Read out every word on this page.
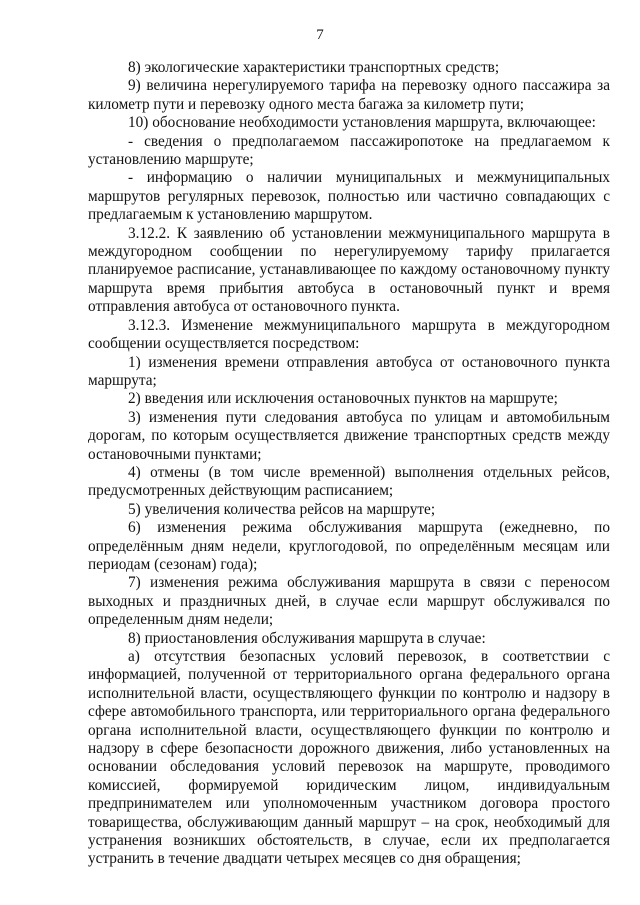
7

8) экологические характеристики транспортных средств;

9) величина нерегулируемого тарифа на перевозку одного пассажира за километр пути и перевозку одного места багажа за километр пути;

10) обоснование необходимости установления маршрута, включающее:

- сведения о предполагаемом пассажиропотоке на предлагаемом к установлению маршруте;

- информацию о наличии муниципальных и межмуниципальных маршрутов регулярных перевозок, полностью или частично совпадающих с предлагаемым к установлению маршрутом.

3.12.2. К заявлению об установлении межмуниципального маршрута в междугородном сообщении по нерегулируемому тарифу прилагается планируемое расписание, устанавливающее по каждому остановочному пункту маршрута время прибытия автобуса в остановочный пункт и время отправления автобуса от остановочного пункта.

3.12.3. Изменение межмуниципального маршрута в междугородном сообщении осуществляется посредством:

1) изменения времени отправления автобуса от остановочного пункта маршрута;

2) введения или исключения остановочных пунктов на маршруте;

3) изменения пути следования автобуса по улицам и автомобильным дорогам, по которым осуществляется движение транспортных средств между остановочными пунктами;

4) отмены (в том числе временной) выполнения отдельных рейсов, предусмотренных действующим расписанием;

5) увеличения количества рейсов на маршруте;

6) изменения режима обслуживания маршрута (ежедневно, по определённым дням недели, круглогодовой, по определённым месяцам или периодам (сезонам) года);

7) изменения режима обслуживания маршрута в связи с переносом выходных и праздничных дней, в случае если маршрут обслуживался по определенным дням недели;

8) приостановления обслуживания маршрута в случае:

а) отсутствия безопасных условий перевозок, в соответствии с информацией, полученной от территориального органа федерального органа исполнительной власти, осуществляющего функции по контролю и надзору в сфере автомобильного транспорта, или территориального органа федерального органа исполнительной власти, осуществляющего функции по контролю и надзору в сфере безопасности дорожного движения, либо установленных на основании обследования условий перевозок на маршруте, проводимого комиссией, формируемой юридическим лицом, индивидуальным предпринимателем или уполномоченным участником договора простого товарищества, обслуживающим данный маршрут – на срок, необходимый для устранения возникших обстоятельств, в случае, если их предполагается устранить в течение двадцати четырех месяцев со дня обращения;
